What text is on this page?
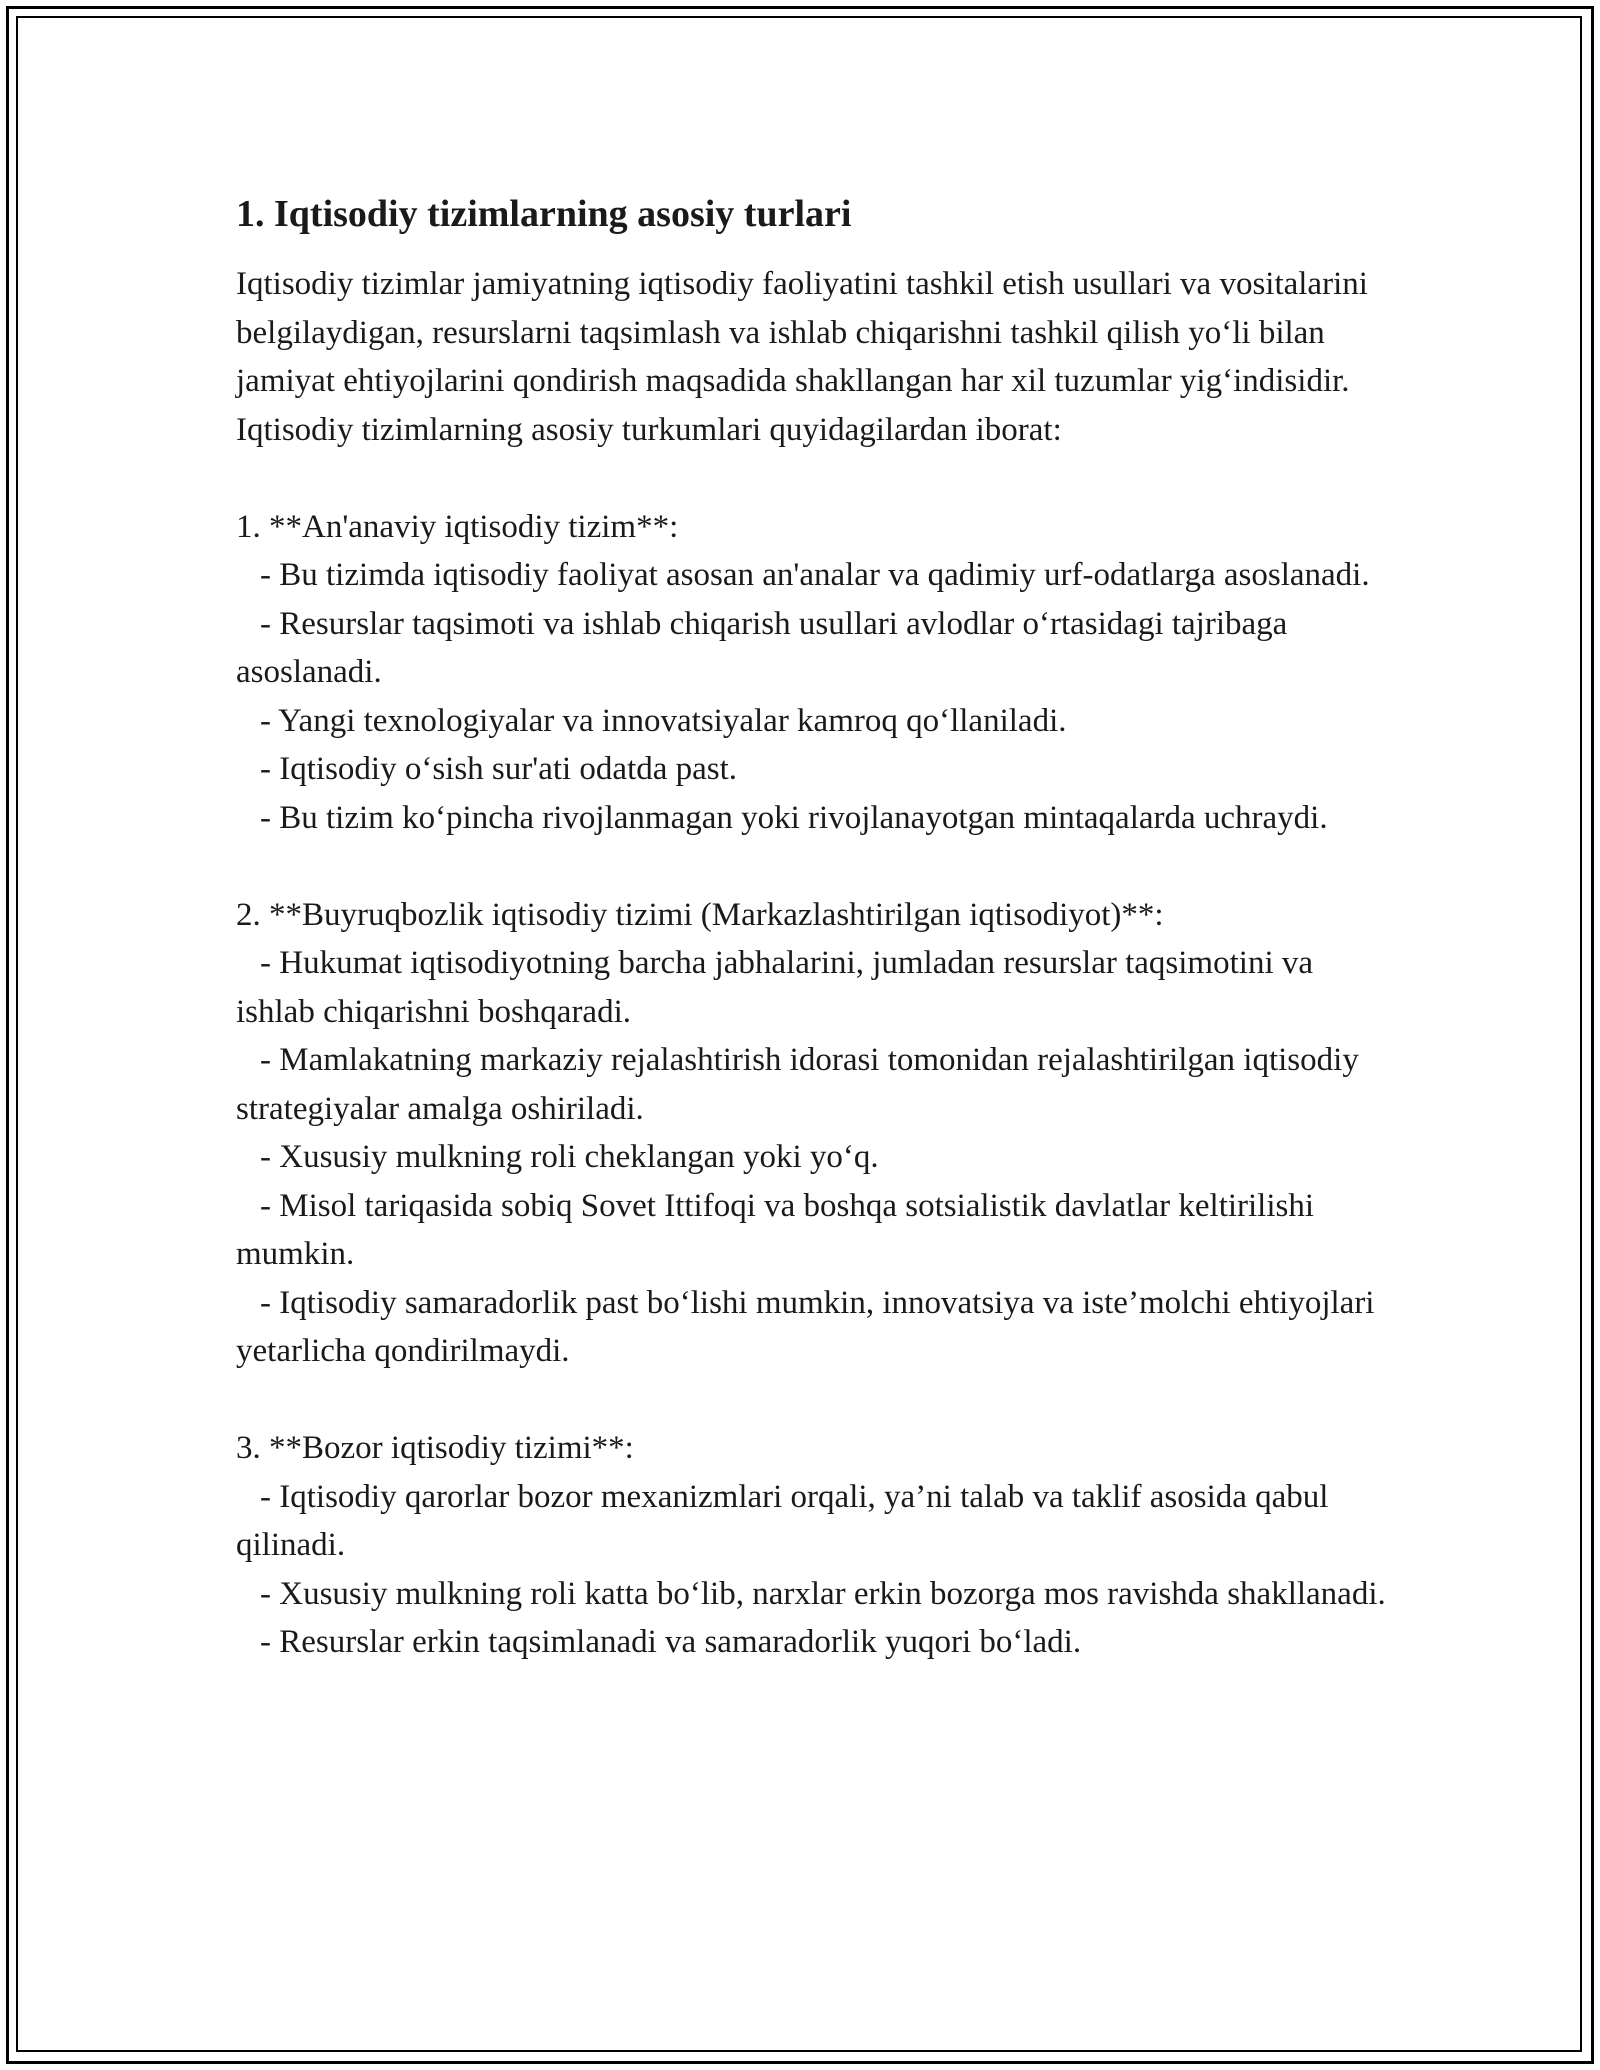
1. Iqtisodiy tizimlarning asosiy turlari

Iqtisodiy tizimlar jamiyatning iqtisodiy faoliyatini tashkil etish usullari va vositalarini belgilaydigan, resurslarni taqsimlash va ishlab chiqarishni tashkil qilish yo‘li bilan jamiyat ehtiyojlarini qondirish maqsadida shakllangan har xil tuzumlar yig‘indisidir. Iqtisodiy tizimlarning asosiy turkumlari quyidagilardan iborat:

1. **An'anaviy iqtisodiy tizim**:

- Bu tizimda iqtisodiy faoliyat asosan an'analar va qadimiy urf-odatlarga asoslanadi.

- Resurslar taqsimoti va ishlab chiqarish usullari avlodlar o‘rtasidagi tajribaga asoslanadi.

- Yangi texnologiyalar va innovatsiyalar kamroq qo‘llaniladi.

- Iqtisodiy o‘sish sur'ati odatda past.

- Bu tizim ko‘pincha rivojlanmagan yoki rivojlanayotgan mintaqalarda uchraydi.

2. **Buyruqbozlik iqtisodiy tizimi (Markazlashtirilgan iqtisodiyot)**:

- Hukumat iqtisodiyotning barcha jabhalarini, jumladan resurslar taqsimotini va ishlab chiqarishni boshqaradi.

- Mamlakatning markaziy rejalashtirish idorasi tomonidan rejalashtirilgan iqtisodiy strategiyalar amalga oshiriladi.

- Xususiy mulkning roli cheklangan yoki yo‘q.

- Misol tariqasida sobiq Sovet Ittifoqi va boshqa sotsialistik davlatlar keltirilishi mumkin.

- Iqtisodiy samaradorlik past bo‘lishi mumkin, innovatsiya va iste’molchi ehtiyojlari yetarlicha qondirilmaydi.

3. **Bozor iqtisodiy tizimi**:

- Iqtisodiy qarorlar bozor mexanizmlari orqali, ya’ni talab va taklif asosida qabul qilinadi.

- Xususiy mulkning roli katta bo‘lib, narxlar erkin bozorga mos ravishda shakllanadi.

- Resurslar erkin taqsimlanadi va samaradorlik yuqori bo‘ladi.
